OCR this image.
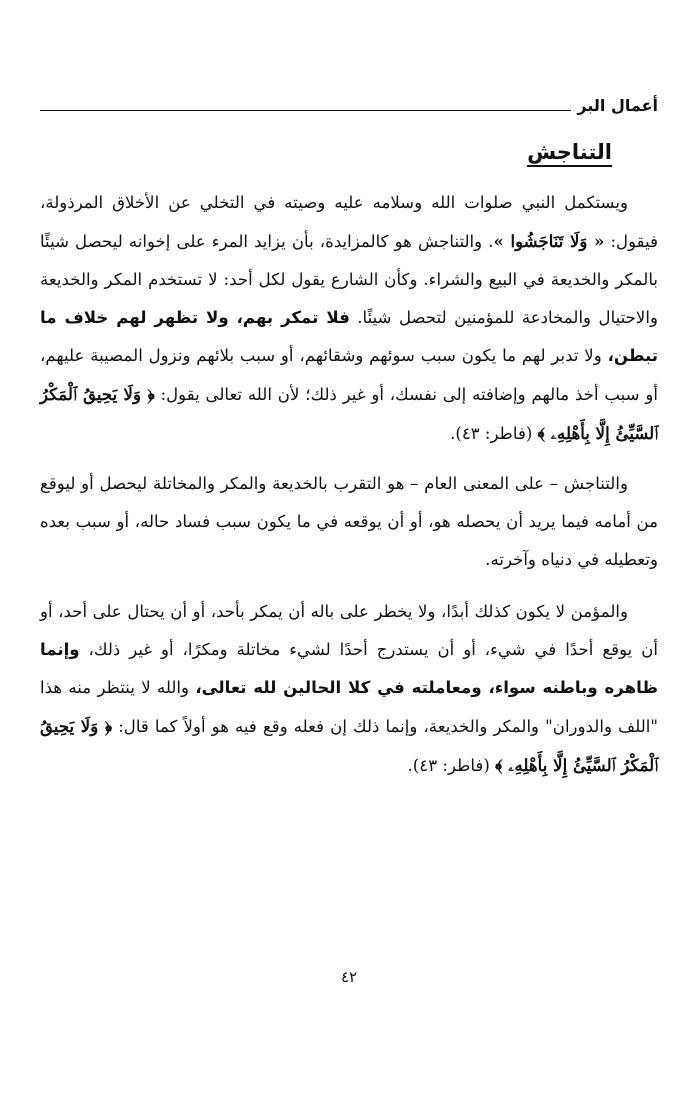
أعمال البر
التناجش

ويستكمل النبي صلوات الله وسلامه عليه وصيته في التخلي عن الأخلاق المرذولة، فيقول: « وَلَا تَنَاجَشُوا ». والتناجش هو كالمزايدة، بأن يزايد المرء على إخوانه ليحصل شيئًا بالمكر والخديعة في البيع والشراء. وكأن الشارع يقول لكل أحد: لا تستخدم المكر والخديعة والاحتيال والمخادعة للمؤمنين لتحصل شيئًا. فلا تمكر بهم، ولا تظهر لهم خلاف ما تبطن، ولا تدبر لهم ما يكون سبب سوئهم وشقائهم، أو سبب بلائهم ونزول المصيبة عليهم، أو سبب أخذ مالهم وإضافته إلى نفسك، أو غير ذلك؛ لأن الله تعالى يقول: ﴿ وَلَا يَحِيقُ ٱلْمَكْرُ ٱلسَّيِّئُ إِلَّا بِأَهْلِهِۦ ﴾ (فاطر: ٤٣).

والتناجش – على المعنى العام – هو التقرب بالخديعة والمكر والمخاتلة ليحصل أو ليوقع من أمامه فيما يريد أن يحصله هو، أو أن يوقعه في ما يكون سبب فساد حاله، أو سبب بعده وتعطيله في دنياه وآخرته.

والمؤمن لا يكون كذلك أبدًا، ولا يخطر على باله أن يمكر بأحد، أو أن يحتال على أحد، أو أن يوقع أحدًا في شيء، أو أن يستدرج أحدًا لشيء مخاتلة ومكرًا، أو غير ذلك، وإنما ظاهره وباطنه سواء، ومعاملته في كلا الحالين لله تعالى، والله لا ينتظر منه هذا "اللف والدوران" والمكر والخديعة، وإنما ذلك إن فعله وقع فيه هو أولاً كما قال: ﴿ وَلَا يَحِيقُ ٱلْمَكْرُ ٱلسَّيِّئُ إِلَّا بِأَهْلِهِۦ ﴾ (فاطر: ٤٣).

٤٢
